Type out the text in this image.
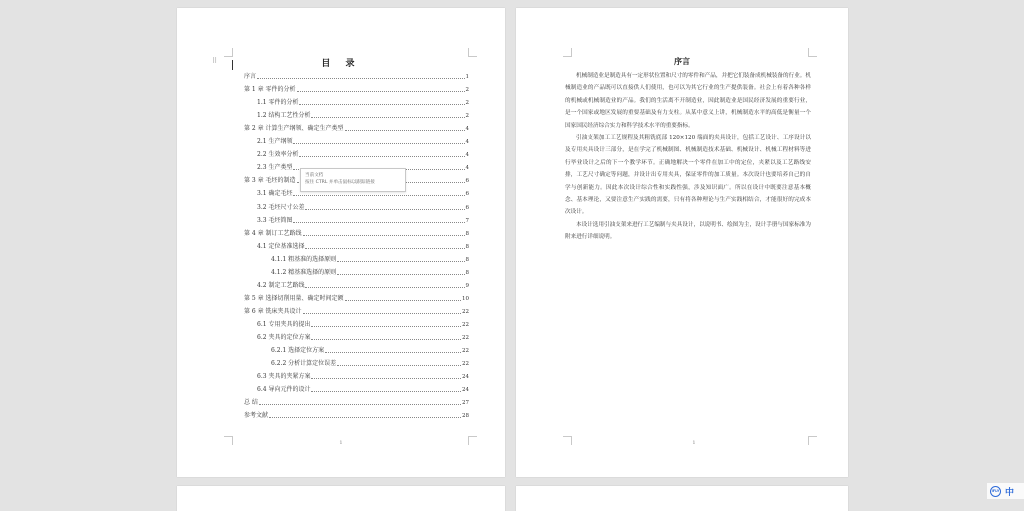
⠿	目 录
序言	1
第 1 章 零件的分析	2
1.1 零件的分析	2
1.2 结构工艺性分析	2
第 2 章 计算生产纲领、确定生产类型	4
2.1 生产纲领	4
2.2 生效率分析	4
2.3 生产类型	4
第 3 章 毛坯的制造	6
3.1 确定毛坯	6
3.2 毛坯尺寸公差	6
3.3 毛坯简图	7
第 4 章 制订工艺路线	8
4.1 定位基准选择	8
4.1.1 粗基准的选择原则	8
4.1.2 精基准选择的原则	8
4.2 制定工艺路线	9
第 5 章 选择切削用量、确定时间定额	10
第 6 章 铣床夹具设计	22
6.1 专用夹具的提出	22
6.2 夹具的定位方案	22
6.2.1 选择定位方案	22
6.2.2 分析计算定位误差	22
6.3 夹具的夹紧方案	24
6.4 导向元件的设计	24
总 结	27
参考文献	28
当前文档
按住 CTRL 并单击鼠标以跟踪链接
1
序言

机械制造业是制造具有一定形状位置和尺寸的零件和产品，并把它们装备成机械装备的行业。机械制造业的产品既可以直接供人们使用，也可以为其它行业的生产提供装备。社会上有着各种各样的机械或机械制造业的产品。我们的生活离不开制造业，因此制造业是国民经济发展的重要行业，是一个国家或地区发展的重要基础及有力支柱。从某中意义上讲，机械制造水平的高低是衡量一个国家国民经济综合实力和科学技术水平的重要指标。

引油支架加工工艺规程及其粗铣底部 120×120 端面的夹具设计，包括工艺设计、工序设计以及专用夹具设计三部分，是在学完了机械制图、机械制造技术基础、机械设计、机械工程材料等进行毕业设计之后的下一个教学环节。正确地解决一个零件在加工中的定位，夹紧以及工艺路线安排，工艺尺寸确定等问题，并设计出专用夹具，保证零件的加工质量。本次设计也要培养自己的自学与创新能力。因此本次设计综合性和实践性强，涉及知识面广。所以在设计中既要注意基本概念、基本理论，又要注意生产实践的需要，只有将各种理论与生产实践相结合，才能很好的完成本次设计。

本设计选用引油支架来进行工艺编制与夹具设计，以说明书、绘图为主，设计手册与国家标准为附来进行详细说明。

1
iFLY 中
